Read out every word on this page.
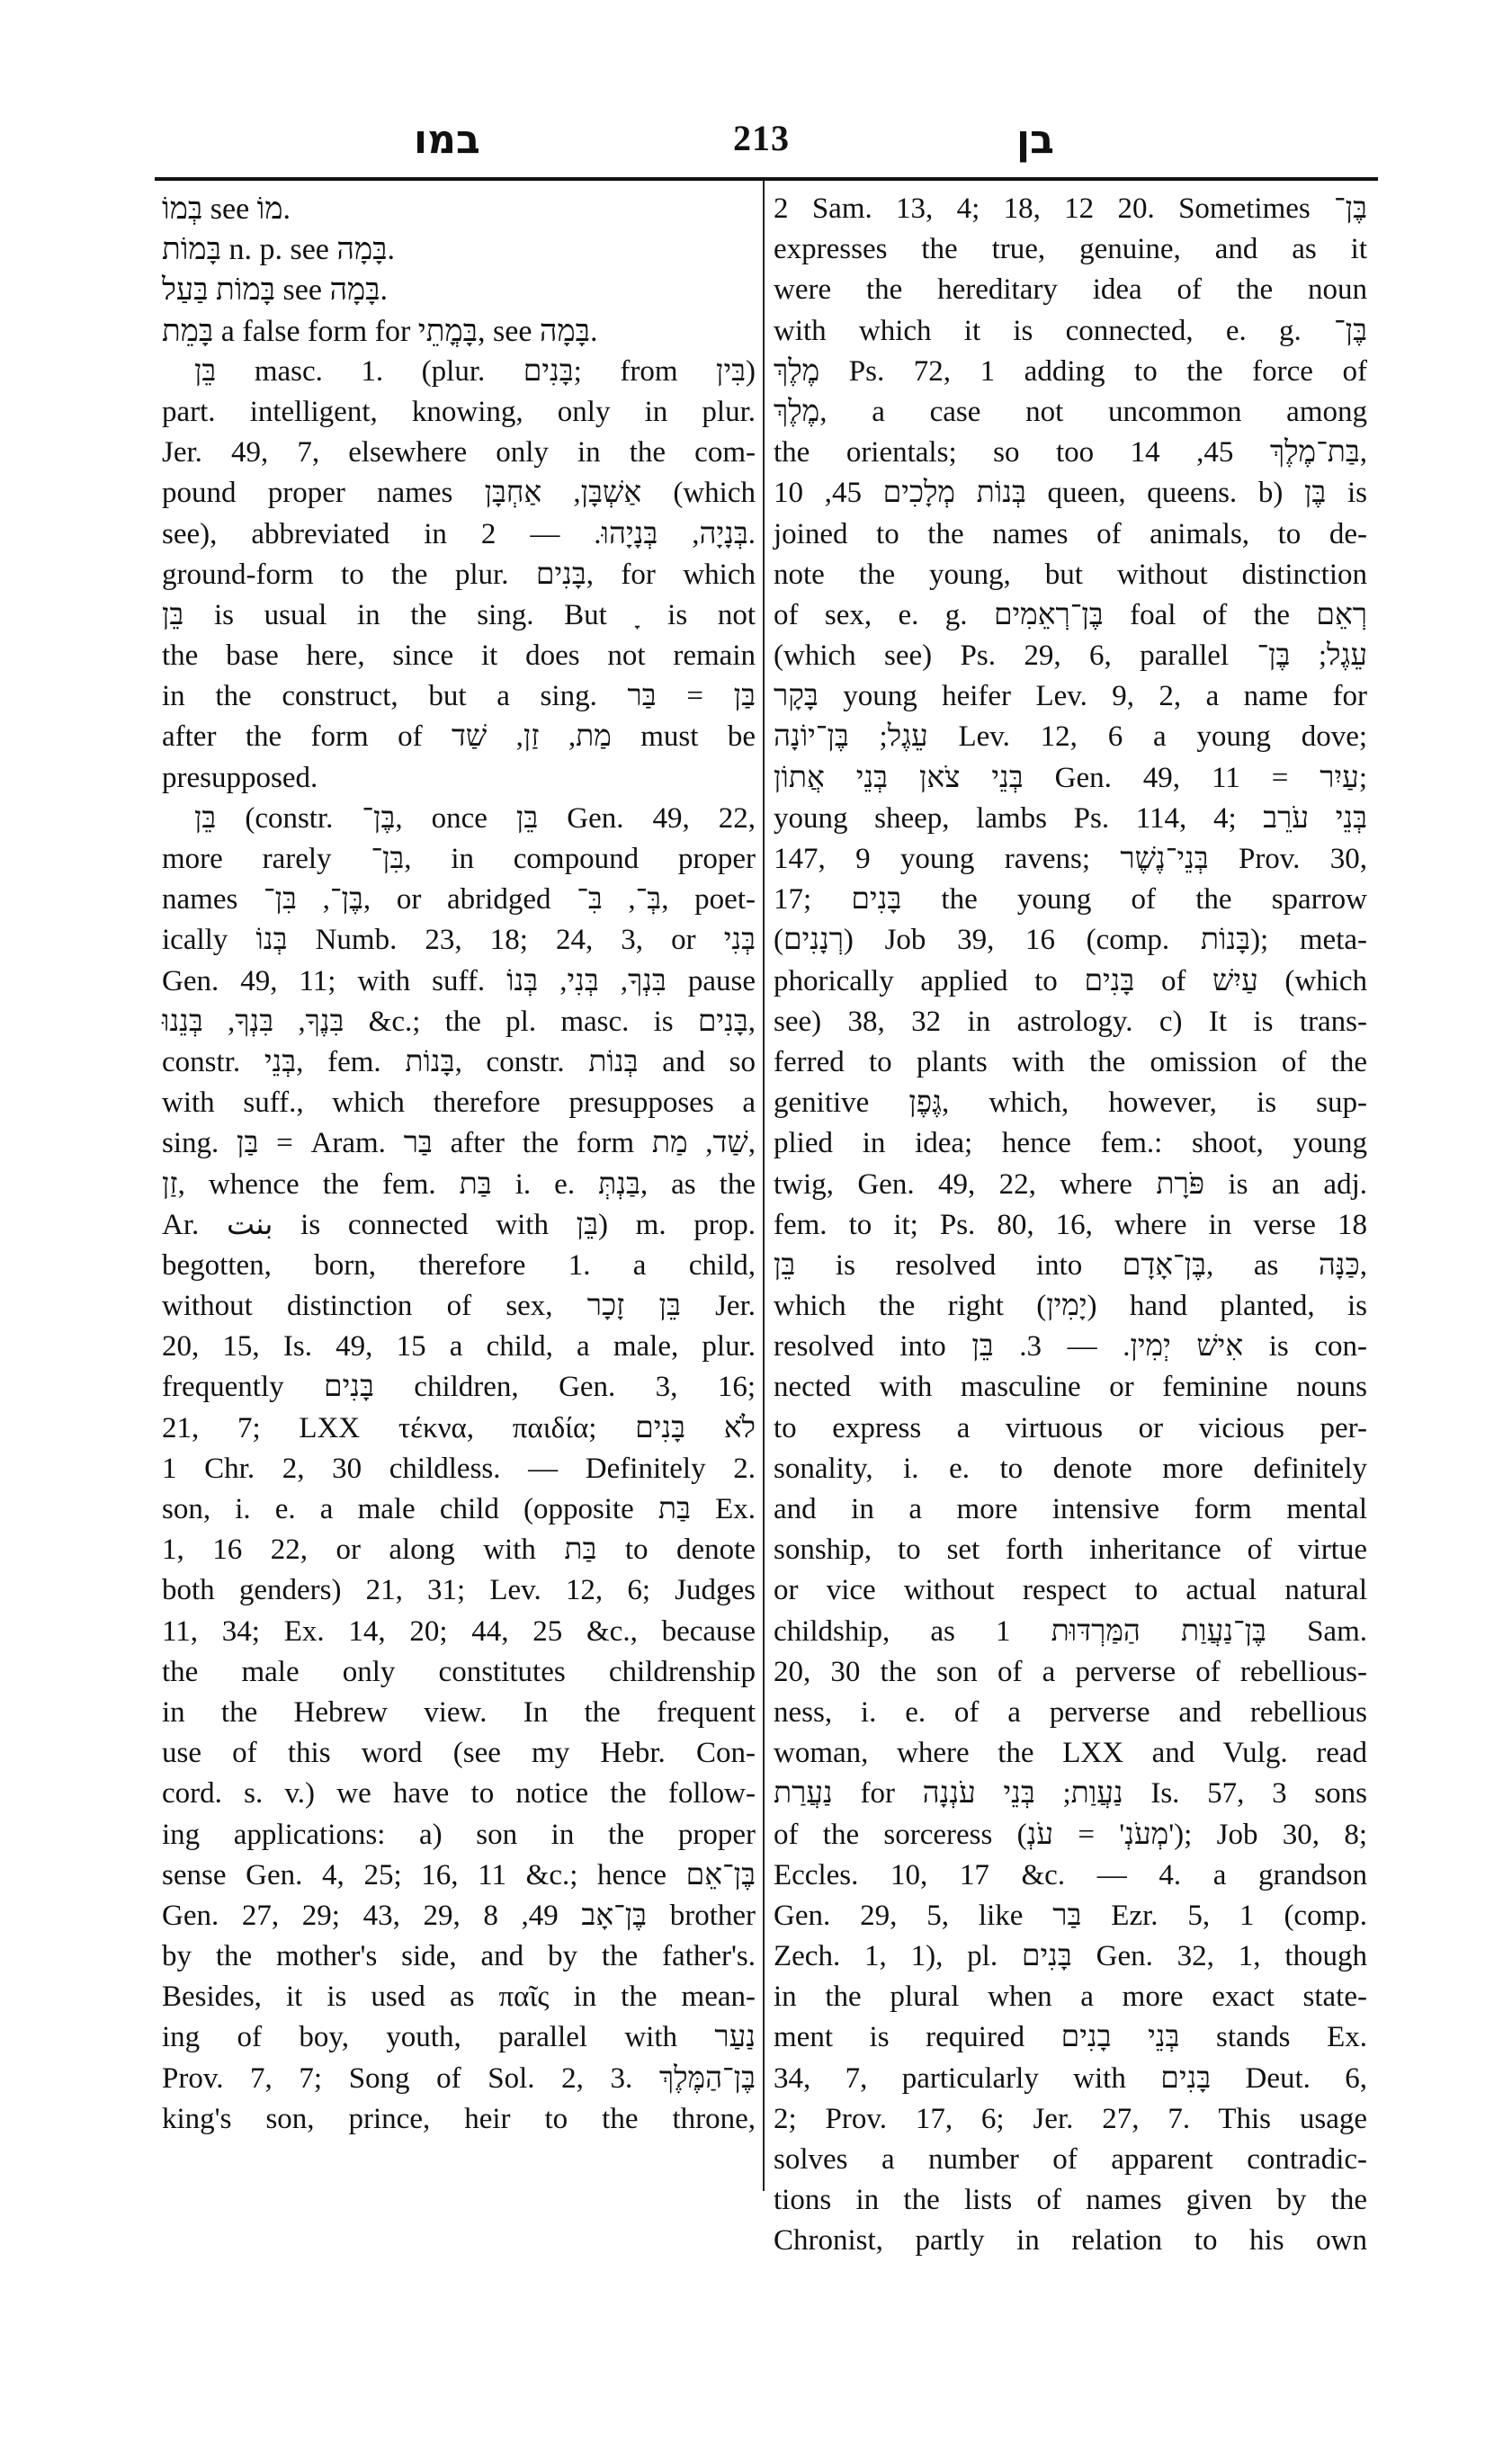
במו	213	בן
בְּמוֹ see מוֹ.
בָּמוֹת n. p. see בָּמָה.
בָּמוֹת בַּעַל see בָּמָה.
בָּמֵת a false form for בָּמֳתֵי, see בָּמָה.
בֵּן masc. 1. (plur. בָּנִים; from בִּין)
part. intelligent, knowing, only in plur.
Jer. 49, 7, elsewhere only in the com-
pound proper names אַשְׁבָּן, אַחְבָּן (which
see), abbreviated in בְּנָיָה, בְּנָיָהוּ. — 2.
ground-form to the plur. בָּנִים, for which
בֵּן is usual in the sing. But ָ is not
the base here, since it does not remain
in the construct, but a sing. בַּן = בַּר
after the form of מַת, זַן, שַׁד must be
presupposed.
בֵּן (constr. בֶּן־, once בֵּן Gen. 49, 22,
more rarely בִּן־, in compound proper
names בֶּן־, בִּן־, or abridged בְּ־, בִּ־, poet-
ically בְּנוֹ Numb. 23, 18; 24, 3, or בְּנִי
Gen. 49, 11; with suff. בִּנְךָ, בְּנִי, בְּנוֹ pause
בִּנֶךָ, בִּנְךָ, בְּנֵנוּ &c.; the pl. masc. is בָּנִים,
constr. בְּנֵי, fem. בָּנוֹת, constr. בְּנוֹת and so
with suff., which therefore presupposes a
sing. בַּן = Aram. בַּר after the form שַׁד, מַת,
זַן, whence the fem. בַּת i. e. בַּנְתְּ, as the
Ar. بنت is connected with בֵּן) m. prop.
begotten, born, therefore 1. a child,
without distinction of sex, בֵּן זָכָר Jer.
20, 15, Is. 49, 15 a child, a male, plur.
frequently בָּנִים children, Gen. 3, 16;
21, 7; LXX τέκνα, παιδία; לֹא בָּנִים
1 Chr. 2, 30 childless. — Definitely 2.
son, i. e. a male child (opposite בַּת Ex.
1, 16 22, or along with בַּת to denote
both genders) 21, 31; Lev. 12, 6; Judges
11, 34; Ex. 14, 20; 44, 25 &c., because
the male only constitutes childrenship
in the Hebrew view. In the frequent
use of this word (see my Hebr. Con-
cord. s. v.) we have to notice the follow-
ing applications: a) son in the proper
sense Gen. 4, 25; 16, 11 &c.; hence בֶּן־אֵם
Gen. 27, 29; 43, 29, בֶּן־אָב 49, 8 brother
by the mother's side, and by the father's.
Besides, it is used as παῖς in the mean-
ing of boy, youth, parallel with נַעַר
Prov. 7, 7; Song of Sol. 2, 3. בֶּן־הַמֶּלֶךְ
king's son, prince, heir to the throne,
2 Sam. 13, 4; 18, 12 20. Sometimes בֶּן־
expresses the true, genuine, and as it
were the hereditary idea of the noun
with which it is connected, e. g. בֶּן־
מֶלֶךְ Ps. 72, 1 adding to the force of
מֶלֶךְ, a case not uncommon among
the orientals; so too בַּת־מֶלֶךְ 45, 14,
בְּנוֹת מְלָכִים 45, 10 queen, queens. b) בֶּן is
joined to the names of animals, to de-
note the young, but without distinction
of sex, e. g. בֶּן־רְאֵמִים foal of the רְאֵם
(which see) Ps. 29, 6, parallel עֵגֶל; בֶּן־
בָּקָר young heifer Lev. 9, 2, a name for
עֵגֶל; בֶּן־יוֹנָה Lev. 12, 6 a young dove;
בְּנֵי צֹאן בְּנֵי אֲתוֹן Gen. 49, 11 = עַיִר;
young sheep, lambs Ps. 114, 4; בְּנֵי עֹרֵב
147, 9 young ravens; בְּנֵי־נֶשֶׁר Prov. 30,
17; בָּנִים the young of the sparrow
(רְנָנִים) Job 39, 16 (comp. בָּנוֹת); meta-
phorically applied to בָּנִים of עַיִשׁ (which
see) 38, 32 in astrology. c) It is trans-
ferred to plants with the omission of the
genitive גֶּפֶן, which, however, is sup-
plied in idea; hence fem.: shoot, young
twig, Gen. 49, 22, where פֹּרָת is an adj.
fem. to it; Ps. 80, 16, where in verse 18
בֵּן is resolved into בֶּן־אָדָם, as כַּנָּה,
which the right (יָמִין) hand planted, is
resolved into אִישׁ יְמִין. — 3. בֵּן is con-
nected with masculine or feminine nouns
to express a virtuous or vicious per-
sonality, i. e. to denote more definitely
and in a more intensive form mental
sonship, to set forth inheritance of virtue
or vice without respect to actual natural
childship, as בֶּן־נַעֲוַת הַמַּרְדּוּת 1 Sam.
20, 30 the son of a perverse of rebellious-
ness, i. e. of a perverse and rebellious
woman, where the LXX and Vulg. read
נַעֲרַת for נַעֲוַת; בְּנֵי עֹנְנָה Is. 57, 3 sons
of the sorceress (מְעֹנְ' = עֹנְ'); Job 30, 8;
Eccles. 10, 17 &c. — 4. a grandson
Gen. 29, 5, like בַּר Ezr. 5, 1 (comp.
Zech. 1, 1), pl. בָּנִים Gen. 32, 1, though
in the plural when a more exact state-
ment is required בְּנֵי בָנִים stands Ex.
34, 7, particularly with בָּנִים Deut. 6,
2; Prov. 17, 6; Jer. 27, 7. This usage
solves a number of apparent contradic-
tions in the lists of names given by the
Chronist, partly in relation to his own
